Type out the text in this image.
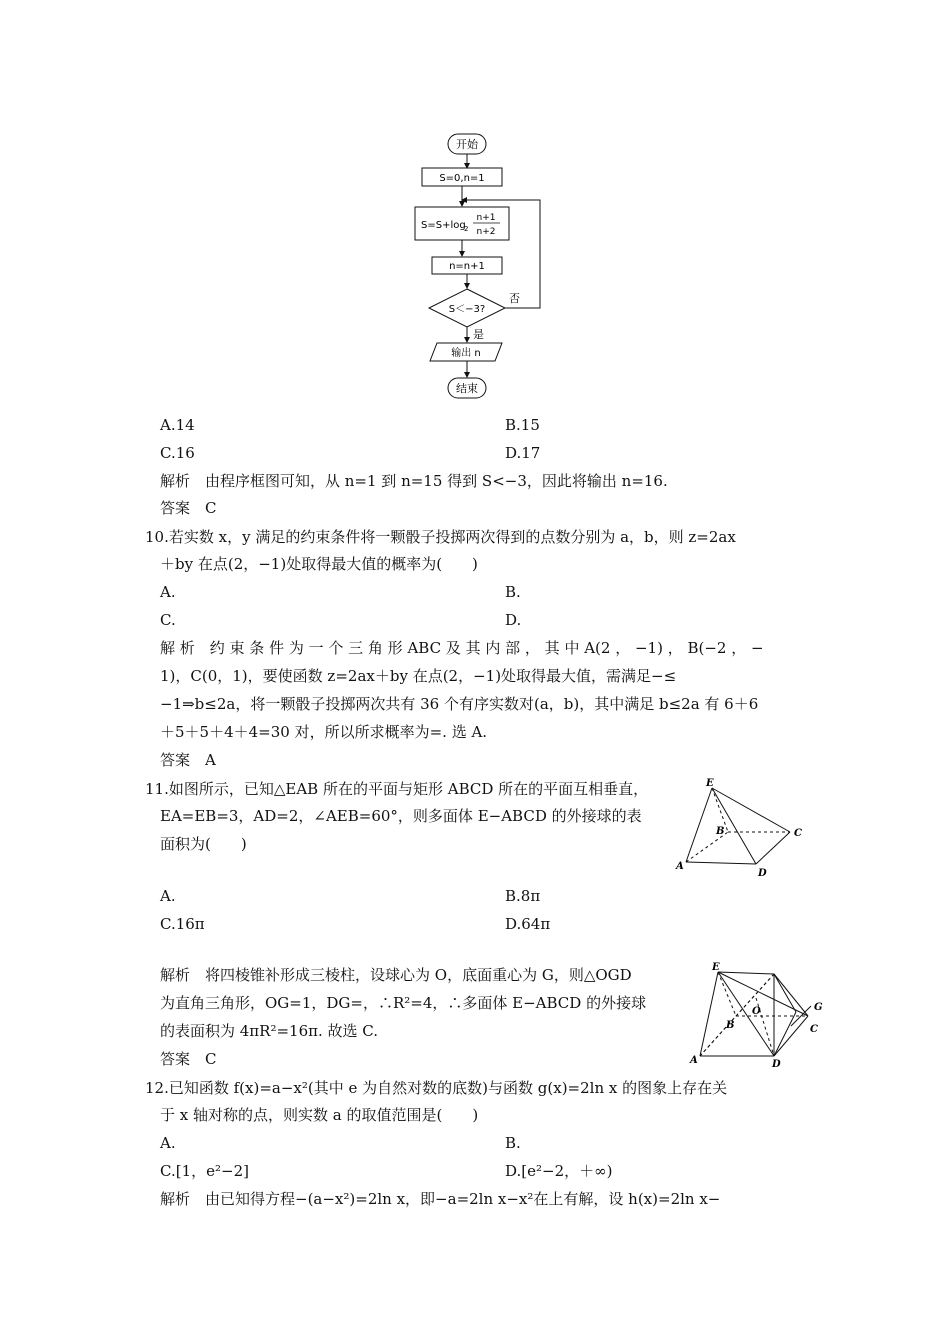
开始
S=0,n=1
S=S+log
2
n+1
n+2
n=n+1
S＜−3?
否
是
输出 n
结束
A.14	B.15
C.16	D.17
解析　由程序框图可知，从 n=1 到 n=15 得到 S<−3，因此将输出 n=16.
答案　C
10.若实数 x，y 满足的约束条件将一颗骰子投掷两次得到的点数分别为 a，b，则 z=2ax
＋by 在点(2，−1)处取得最大值的概率为(　　)
A.	B.
C.	D.
解 析　约 束 条 件 为 一 个 三 角 形 ABC 及 其 内 部 ， 其 中 A(2 ， −1) ， B(−2 ， −
1)，C(0，1)，要使函数 z=2ax＋by 在点(2，−1)处取得最大值，需满足−≤
−1⇒b≤2a，将一颗骰子投掷两次共有 36 个有序实数对(a，b)，其中满足 b≤2a 有 6＋6
＋5＋5＋4＋4=30 对，所以所求概率为=. 选 A.
答案　A
11.如图所示，已知△EAB 所在的平面与矩形 ABCD 所在的平面互相垂直，
EA=EB=3，AD=2，∠AEB=60°，则多面体 E−ABCD 的外接球的表
面积为(　　)
E
B	C
A
D
A.	B.8π
C.16π	D.64π
解析　将四棱锥补形成三棱柱，设球心为 O，底面重心为 G，则△OGD
为直角三角形，OG=1，DG=，∴R²=4，∴多面体 E−ABCD 的外接球
的表面积为 4πR²=16π. 故选 C.
答案　C
E
B
O	G
C
A	D
12.已知函数 f(x)=a−x²(其中 e 为自然对数的底数)与函数 g(x)=2ln x 的图象上存在关
于 x 轴对称的点，则实数 a 的取值范围是(　　)
A.	B.
C.[1，e²−2]	D.[e²−2，＋∞)
解析　由已知得方程−(a−x²)=2ln x，即−a=2ln x−x²在上有解，设 h(x)=2ln x−
